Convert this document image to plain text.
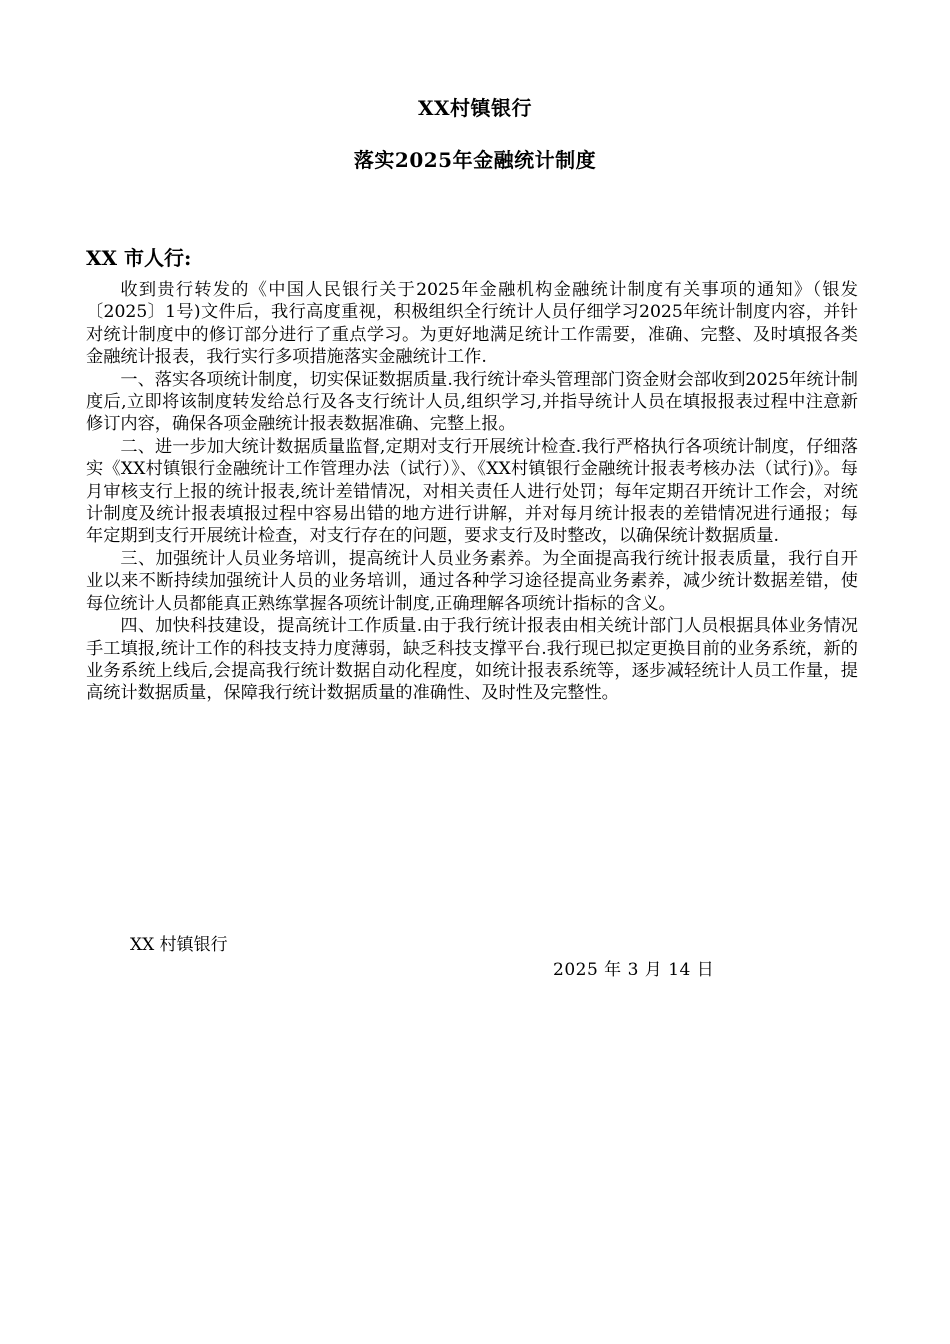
XX村镇银行
落实2025年金融统计制度
XX 市人行:

收到贵行转发的《中国人民银行关于2025年金融机构金融统计制度有关事项的通知》（银发〔2025〕1号)文件后，我行高度重视，积极组织全行统计人员仔细学习2025年统计制度内容，并针对统计制度中的修订部分进行了重点学习。为更好地满足统计工作需要，准确、完整、及时填报各类金融统计报表，我行实行多项措施落实金融统计工作.

一、落实各项统计制度，切实保证数据质量.我行统计牵头管理部门资金财会部收到2025年统计制度后,立即将该制度转发给总行及各支行统计人员,组织学习,并指导统计人员在填报报表过程中注意新修订内容，确保各项金融统计报表数据准确、完整上报。

二、进一步加大统计数据质量监督,定期对支行开展统计检查.我行严格执行各项统计制度，仔细落实《XX村镇银行金融统计工作管理办法（试行）》、《XX村镇银行金融统计报表考核办法（试行)》。每月审核支行上报的统计报表,统计差错情况，对相关责任人进行处罚；每年定期召开统计工作会，对统计制度及统计报表填报过程中容易出错的地方进行讲解，并对每月统计报表的差错情况进行通报；每年定期到支行开展统计检查，对支行存在的问题，要求支行及时整改，以确保统计数据质量.

三、加强统计人员业务培训，提高统计人员业务素养。为全面提高我行统计报表质量，我行自开业以来不断持续加强统计人员的业务培训，通过各种学习途径提高业务素养，减少统计数据差错，使每位统计人员都能真正熟练掌握各项统计制度,正确理解各项统计指标的含义。

四、加快科技建设，提高统计工作质量.由于我行统计报表由相关统计部门人员根据具体业务情况手工填报,统计工作的科技支持力度薄弱，缺乏科技支撑平台.我行现已拟定更换目前的业务系统，新的业务系统上线后,会提高我行统计数据自动化程度，如统计报表系统等，逐步减轻统计人员工作量，提高统计数据质量，保障我行统计数据质量的准确性、及时性及完整性。

XX 村镇银行
2025 年 3 月 14 日
